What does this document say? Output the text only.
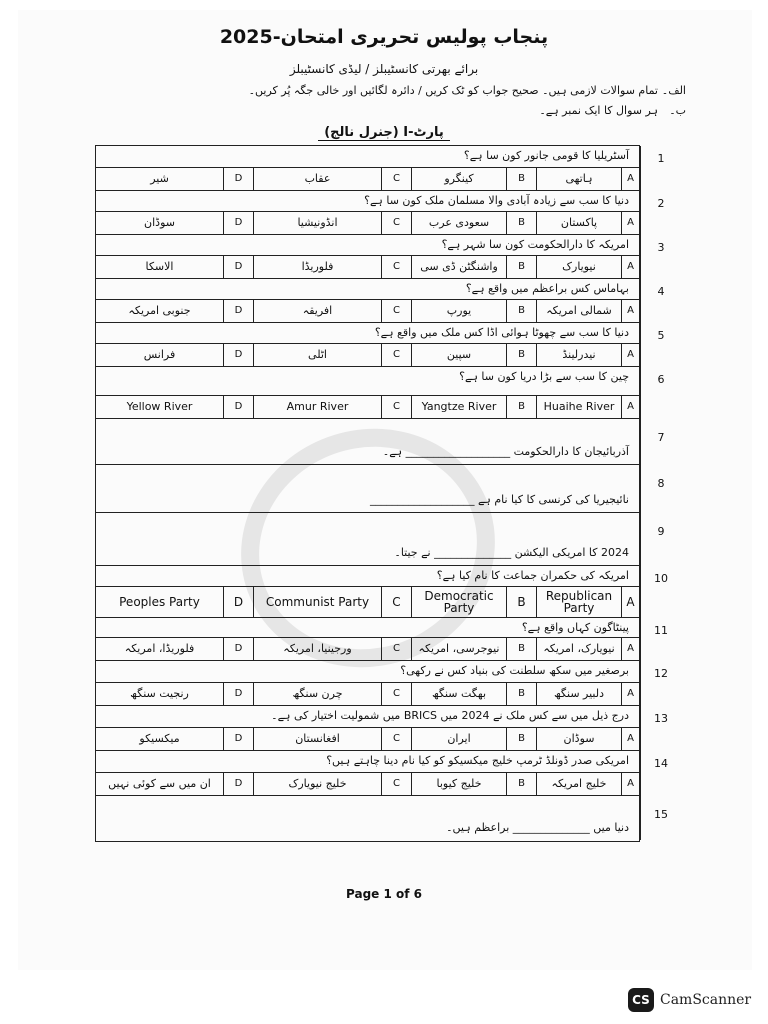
پنجاب پولیس تحریری امتحان-2025
برائے بھرتی کانسٹیبلز / لیڈی کانسٹیبلز
الف۔
تمام سوالات لازمی ہیں۔ صحیح جواب کو ٹک کریں / دائرہ لگائیں اور خالی جگہ پُر کریں۔
ب۔
ہر سوال کا ایک نمبر ہے۔
پارٹ-I (جنرل نالج)
1
آسٹریلیا کا قومی جانور کون سا ہے؟
A
ہاتھی
B
کینگرو
C
عقاب
D
شیر
2
دنیا کا سب سے زیادہ آبادی والا مسلمان ملک کون سا ہے؟
A
پاکستان
B
سعودی عرب
C
انڈونیشیا
D
سوڈان
3
امریکہ کا دارالحکومت کون سا شہر ہے؟
A
نیویارک
B
واشنگٹن ڈی سی
C
فلوریڈا
D
الاسکا
4
بہاماس کس براعظم میں واقع ہے؟
A
شمالی امریکہ
B
یورپ
C
افریقہ
D
جنوبی امریکہ
5
دنیا کا سب سے چھوٹا ہوائی اڈا کس ملک میں واقع ہے؟
A
نیدرلینڈ
B
سپین
C
اٹلی
D
فرانس
6
چین کا سب سے بڑا دریا کون سا ہے؟
A
Huaihe River
B
Yangtze River
C
Amur River
D
Yellow River
7
آذربائیجان کا دارالحکومت ___________________ ہے۔
8
نائیجیریا کی کرنسی کا کیا نام ہے ___________________
9
2024 کا امریکی الیکشن ______________ نے جیتا۔
10
امریکہ کی حکمران جماعت کا نام کیا ہے؟
A
Republican Party
B
Democratic Party
C
Communist Party
D
Peoples Party
11
پینٹاگون کہاں واقع ہے؟
A
نیویارک، امریکہ
B
نیوجرسی، امریکہ
C
ورجینیا، امریکہ
D
فلوریڈا، امریکہ
12
برصغیر میں سکھ سلطنت کی بنیاد کس نے رکھی؟
A
دلبیر سنگھ
B
بھگت سنگھ
C
چرن سنگھ
D
رنجیت سنگھ
13
درج ذیل میں سے کس ملک نے 2024 میں BRICS میں شمولیت اختیار کی ہے۔
A
سوڈان
B
ایران
C
افغانستان
D
میکسیکو
14
امریکی صدر ڈونلڈ ٹرمپ خلیج میکسیکو کو کیا نام دینا چاہتے ہیں؟
A
خلیج امریکہ
B
خلیج کیوبا
C
خلیج نیویارک
D
ان میں سے کوئی نہیں
15
دنیا میں ______________ براعظم ہیں۔
Page 1 of 6
CS CamScanner
